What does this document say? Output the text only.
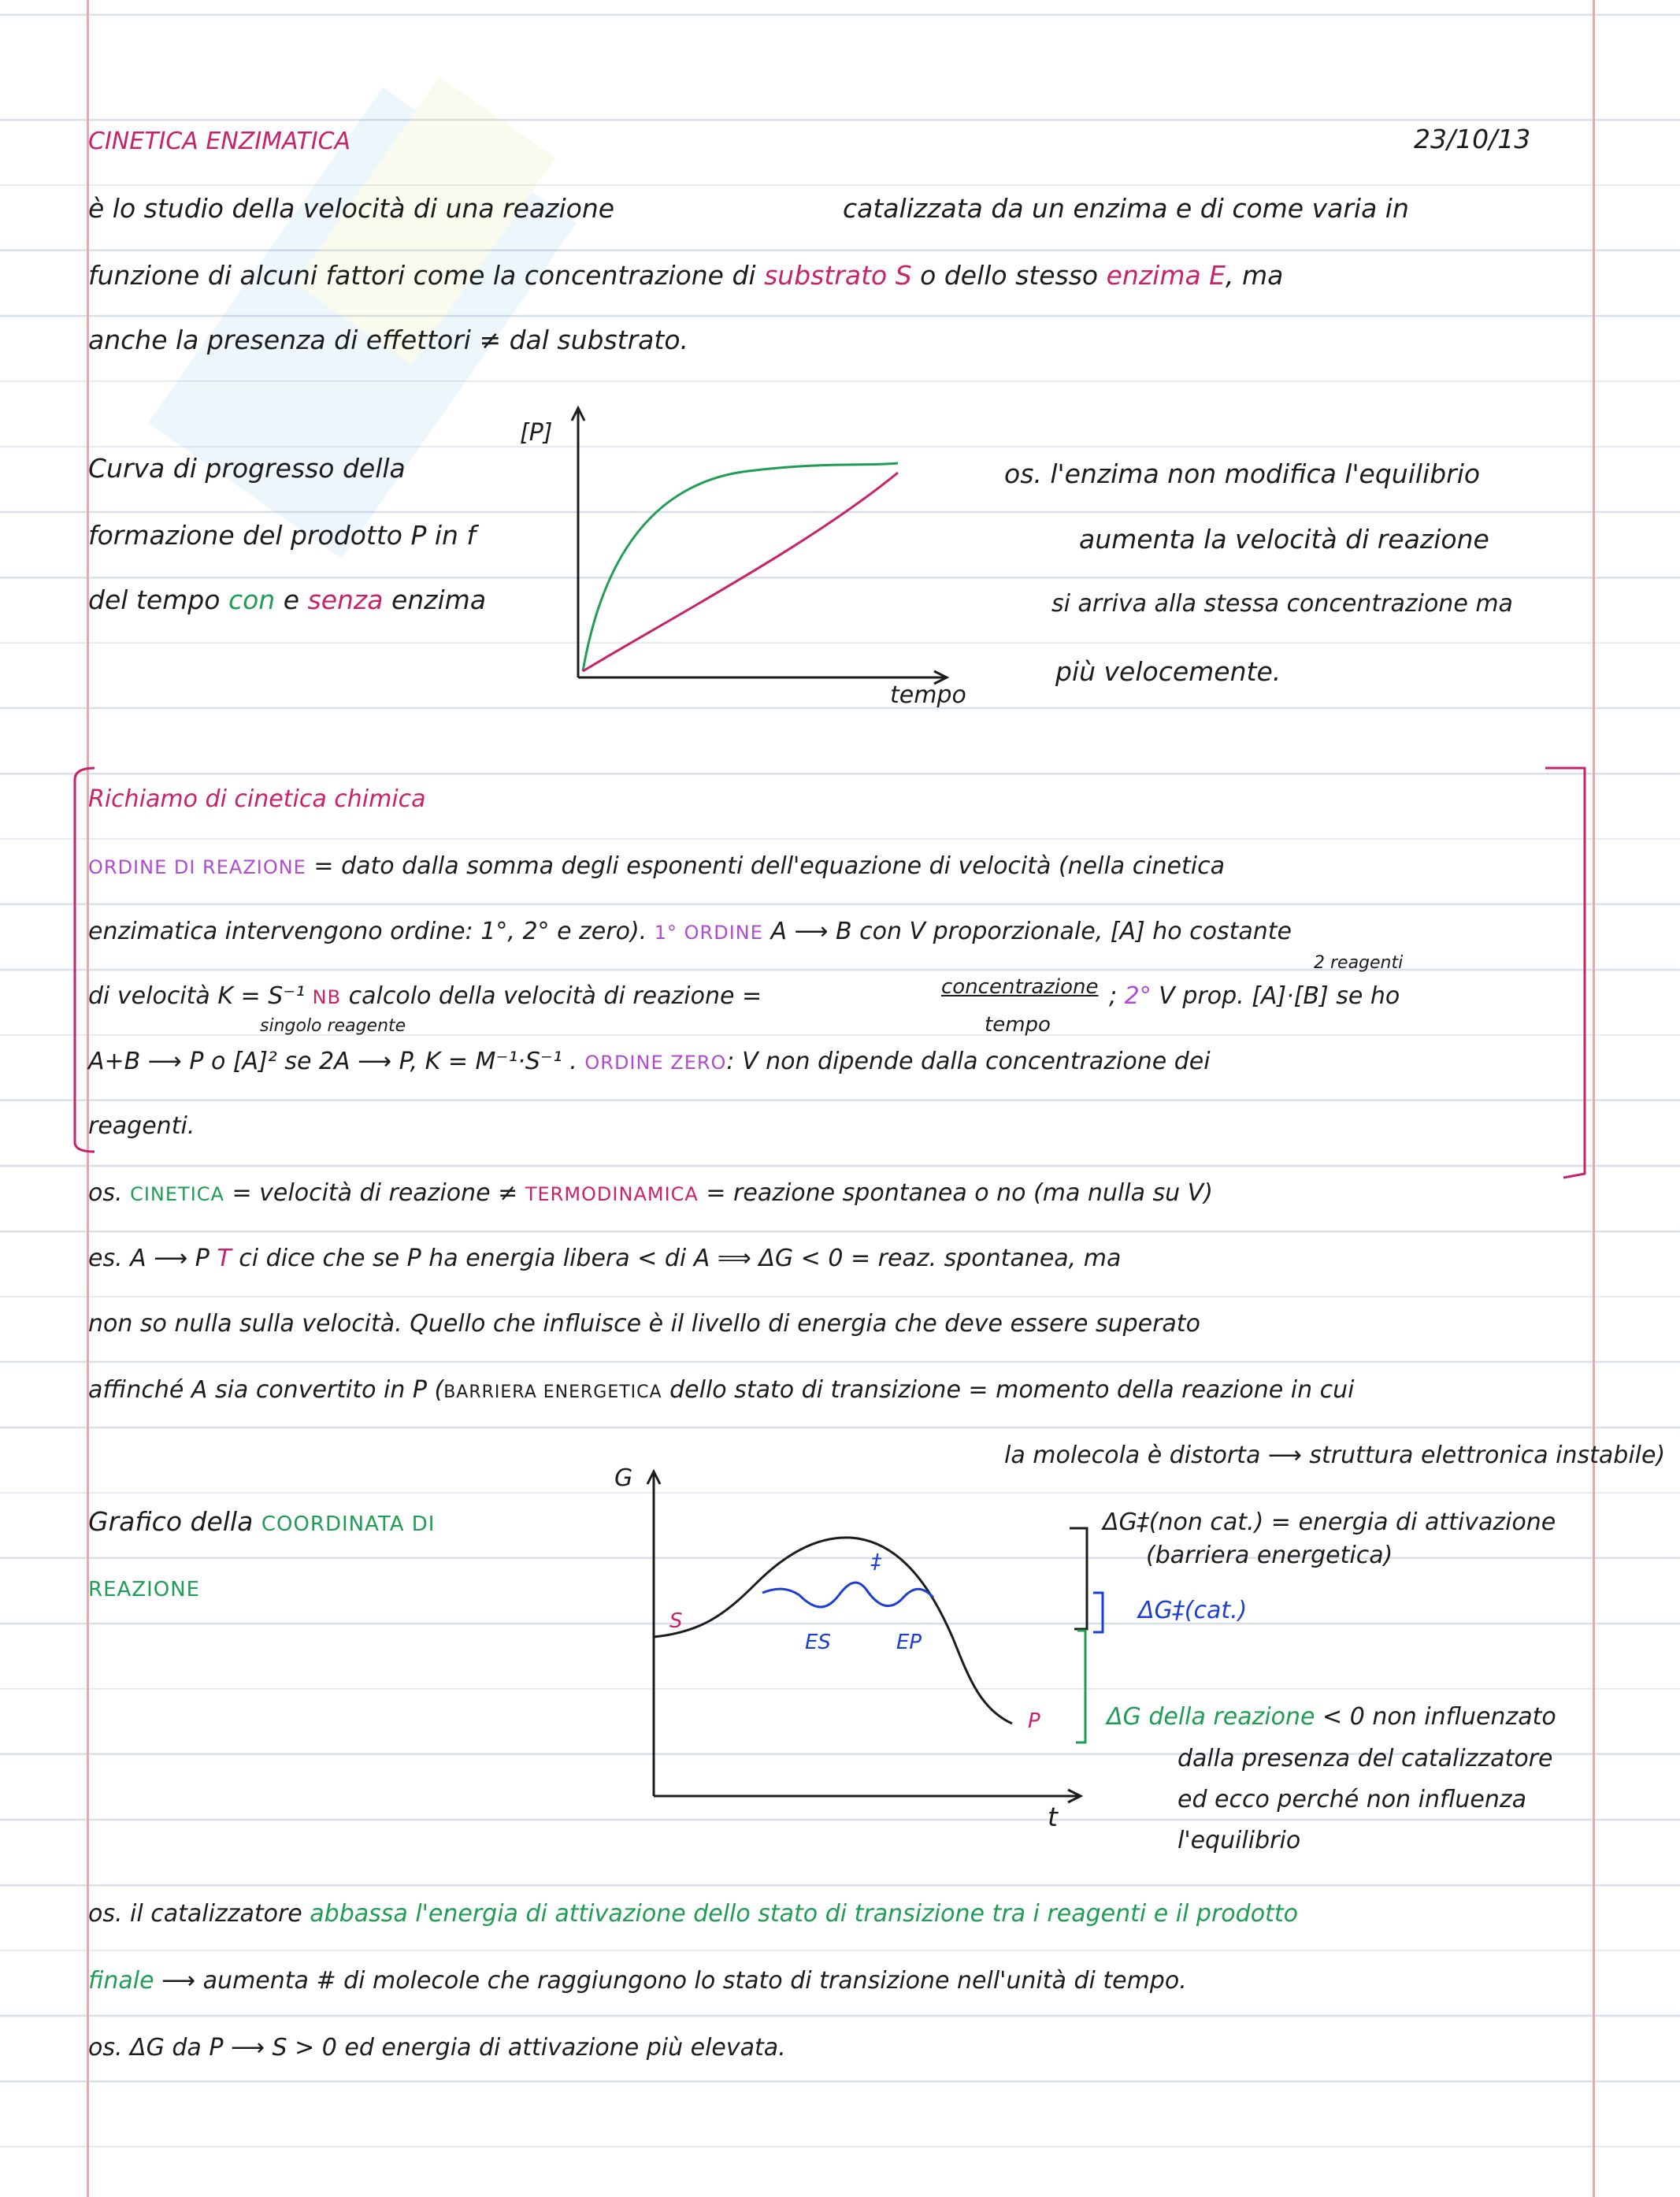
CINETICA ENZIMATICA	23/10/13
è lo studio della velocità di una reazione	catalizzata da un enzima e di come varia in
funzione di alcuni fattori come la concentrazione di substrato S o dello stesso enzima E, ma
anche la presenza di effettori ≠ dal substrato.
Curva di progresso della
formazione del prodotto P in f
del tempo con e senza enzima
[P]
tempo
os. l'enzima non modifica l'equilibrio
aumenta la velocità di reazione
si arriva alla stessa concentrazione ma
più velocemente.
Richiamo di cinetica chimica
ORDINE DI REAZIONE = dato dalla somma degli esponenti dell'equazione di velocità (nella cinetica
enzimatica intervengono ordine: 1°, 2° e zero). 1° ORDINE A ⟶ B con V proporzionale, [A] ho costante
2 reagenti
di velocità K = S⁻¹ NB calcolo della velocità di reazione =	concentrazione
tempo
; 2° V prop. [A]·[B] se ho
singolo reagente
A+B ⟶ P o [A]² se 2A ⟶ P, K = M⁻¹·S⁻¹ . ORDINE ZERO: V non dipende dalla concentrazione dei
reagenti.
os. CINETICA = velocità di reazione ≠ TERMODINAMICA = reazione spontanea o no (ma nulla su V)
es. A ⟶ P T ci dice che se P ha energia libera < di A ⟹ ΔG < 0 = reaz. spontanea, ma
non so nulla sulla velocità. Quello che influisce è il livello di energia che deve essere superato
affinché A sia convertito in P (BARRIERA ENERGETICA dello stato di transizione = momento della reazione in cui
la molecola è distorta ⟶ struttura elettronica instabile)
Grafico della COORDINATA DI
REAZIONE
G
t
S
P
ES	EP
‡
ΔG‡(non cat.) = energia di attivazione
(barriera energetica)
ΔG‡(cat.)
ΔG della reazione < 0 non influenzato
dalla presenza del catalizzatore
ed ecco perché non influenza
l'equilibrio
os. il catalizzatore abbassa l'energia di attivazione dello stato di transizione tra i reagenti e il prodotto
finale ⟶ aumenta # di molecole che raggiungono lo stato di transizione nell'unità di tempo.
os. ΔG da P ⟶ S > 0 ed energia di attivazione più elevata.
